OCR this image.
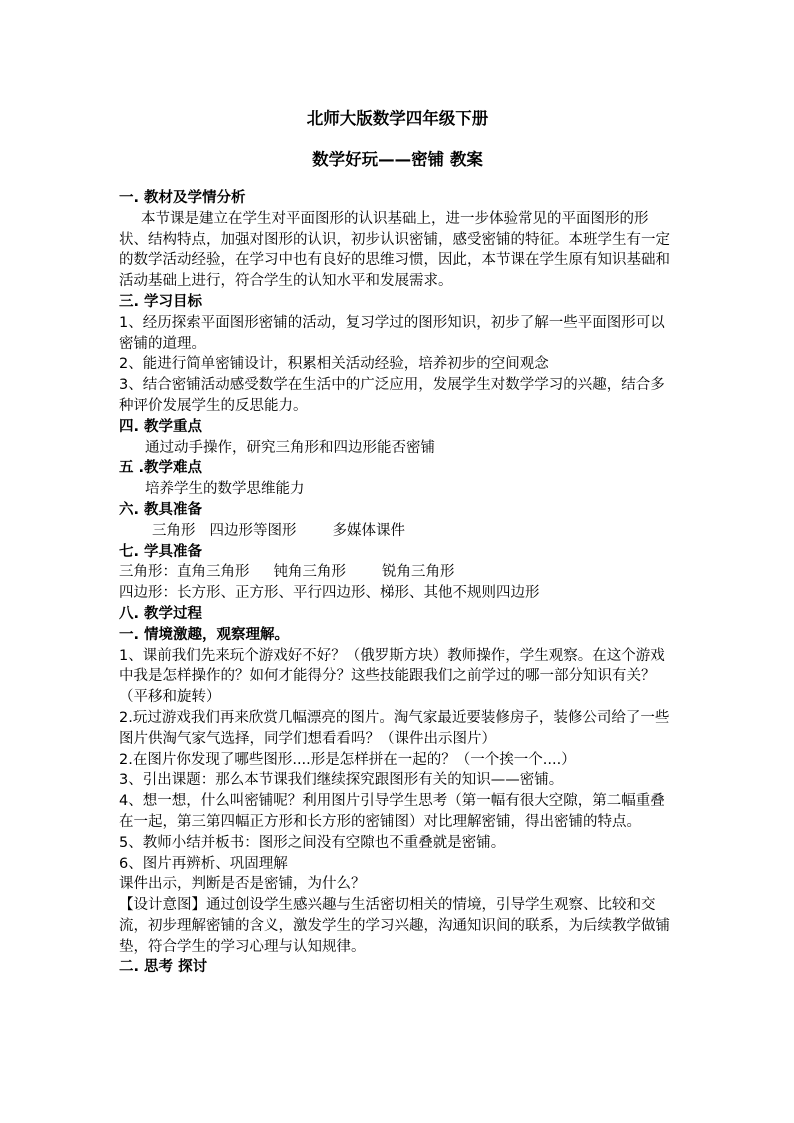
北师大版数学四年级下册

数学好玩——密铺 教案

一. 教材及学情分析

本节课是建立在学生对平面图形的认识基础上，进一步体验常见的平面图形的形状、结构特点，加强对图形的认识，初步认识密铺，感受密铺的特征。本班学生有一定的数学活动经验，在学习中也有良好的思维习惯，因此，本节课在学生原有知识基础和活动基础上进行，符合学生的认知水平和发展需求。

三. 学习目标

1、经历探索平面图形密铺的活动，复习学过的图形知识，初步了解一些平面图形可以密铺的道理。

2、能进行简单密铺设计，积累相关活动经验，培养初步的空间观念

3、结合密铺活动感受数学在生活中的广泛应用，发展学生对数学学习的兴趣，结合多种评价发展学生的反思能力。

四. 教学重点

通过动手操作，研究三角形和四边形能否密铺

五 .教学难点

培养学生的数学思维能力

六. 教具准备

三角形 四边形等图形 多媒体课件

七. 学具准备

三角形：直角三角形 钝角三角形 锐角三角形

四边形：长方形、正方形、平行四边形、梯形、其他不规则四边形

八. 教学过程

一. 情境激趣，观察理解。

1、课前我们先来玩个游戏好不好？（俄罗斯方块）教师操作，学生观察。在这个游戏中我是怎样操作的？如何才能得分？这些技能跟我们之前学过的哪一部分知识有关？（平移和旋转）

2.玩过游戏我们再来欣赏几幅漂亮的图片。淘气家最近要装修房子，装修公司给了一些图片供淘气家气选择，同学们想看看吗？（课件出示图片）

2.在图片你发现了哪些图形....形是怎样拼在一起的？（一个挨一个....）

3、引出课题：那么本节课我们继续探究跟图形有关的知识——密铺。

4、想一想，什么叫密铺呢？利用图片引导学生思考（第一幅有很大空隙，第二幅重叠在一起，第三第四幅正方形和长方形的密铺图）对比理解密铺，得出密铺的特点。

5、教师小结并板书：图形之间没有空隙也不重叠就是密铺。

6、图片再辨析、巩固理解

课件出示，判断是否是密铺，为什么？

【设计意图】通过创设学生感兴趣与生活密切相关的情境，引导学生观察、比较和交流，初步理解密铺的含义，激发学生的学习兴趣，沟通知识间的联系，为后续教学做铺垫，符合学生的学习心理与认知规律。

二. 思考 探讨
